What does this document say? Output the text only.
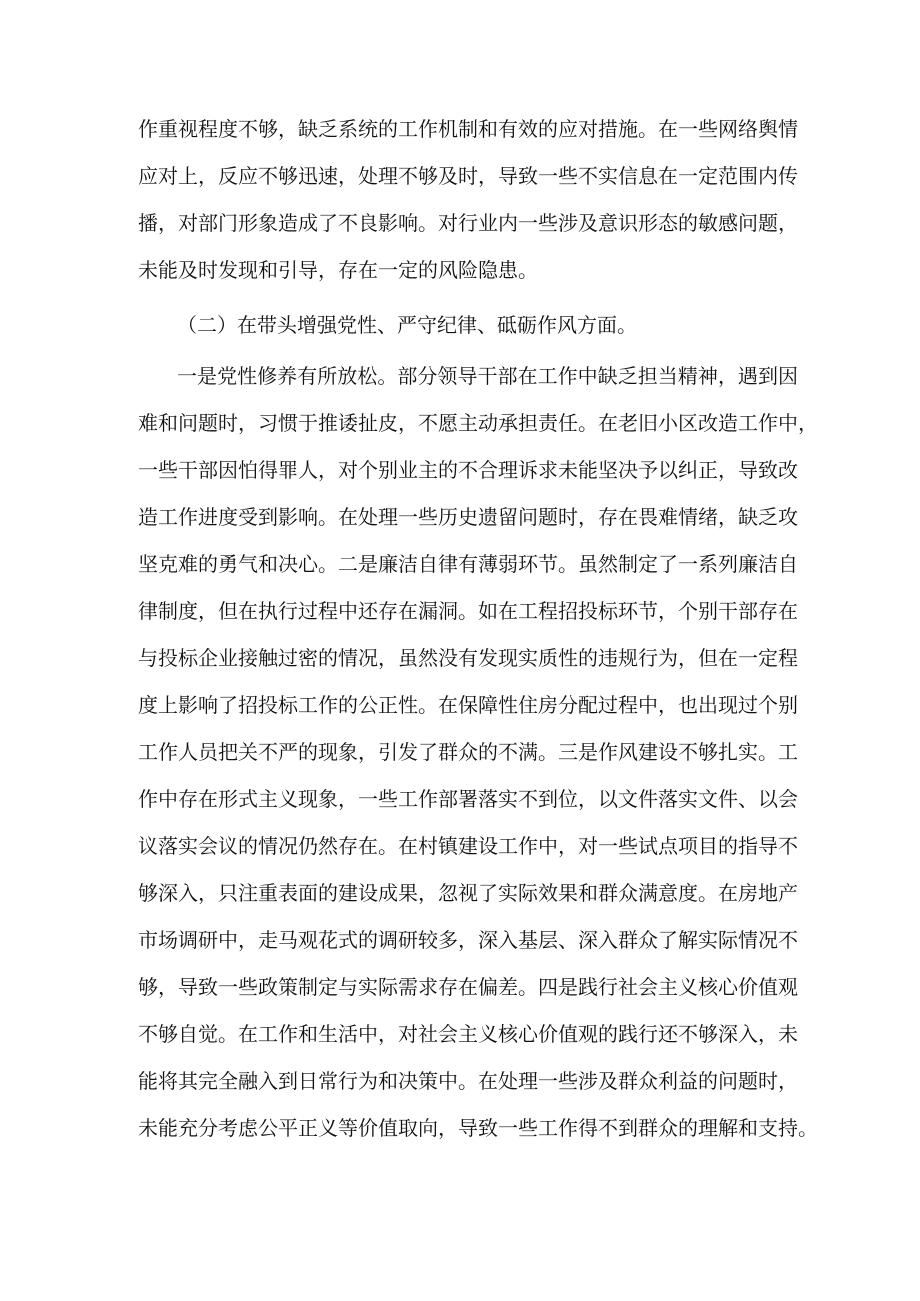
作重视程度不够，缺乏系统的工作机制和有效的应对措施。在一些网络舆情
应对上，反应不够迅速，处理不够及时，导致一些不实信息在一定范围内传
播，对部门形象造成了不良影响。对行业内一些涉及意识形态的敏感问题，
未能及时发现和引导，存在一定的风险隐患。
（二）在带头增强党性、严守纪律、砥砺作风方面。
一是党性修养有所放松。部分领导干部在工作中缺乏担当精神，遇到因
难和问题时，习惯于推诿扯皮，不愿主动承担责任。在老旧小区改造工作中，
一些干部因怕得罪人，对个别业主的不合理诉求未能坚决予以纠正，导致改
造工作进度受到影响。在处理一些历史遗留问题时，存在畏难情绪，缺乏攻
坚克难的勇气和决心。二是廉洁自律有薄弱环节。虽然制定了一系列廉洁自
律制度，但在执行过程中还存在漏洞。如在工程招投标环节，个别干部存在
与投标企业接触过密的情况，虽然没有发现实质性的违规行为，但在一定程
度上影响了招投标工作的公正性。在保障性住房分配过程中，也出现过个别
工作人员把关不严的现象，引发了群众的不满。三是作风建设不够扎实。工
作中存在形式主义现象，一些工作部署落实不到位，以文件落实文件、以会
议落实会议的情况仍然存在。在村镇建设工作中，对一些试点项目的指导不
够深入，只注重表面的建设成果，忽视了实际效果和群众满意度。在房地产
市场调研中，走马观花式的调研较多，深入基层、深入群众了解实际情况不
够，导致一些政策制定与实际需求存在偏差。四是践行社会主义核心价值观
不够自觉。在工作和生活中，对社会主义核心价值观的践行还不够深入，未
能将其完全融入到日常行为和决策中。在处理一些涉及群众利益的问题时，
未能充分考虑公平正义等价值取向，导致一些工作得不到群众的理解和支持。
